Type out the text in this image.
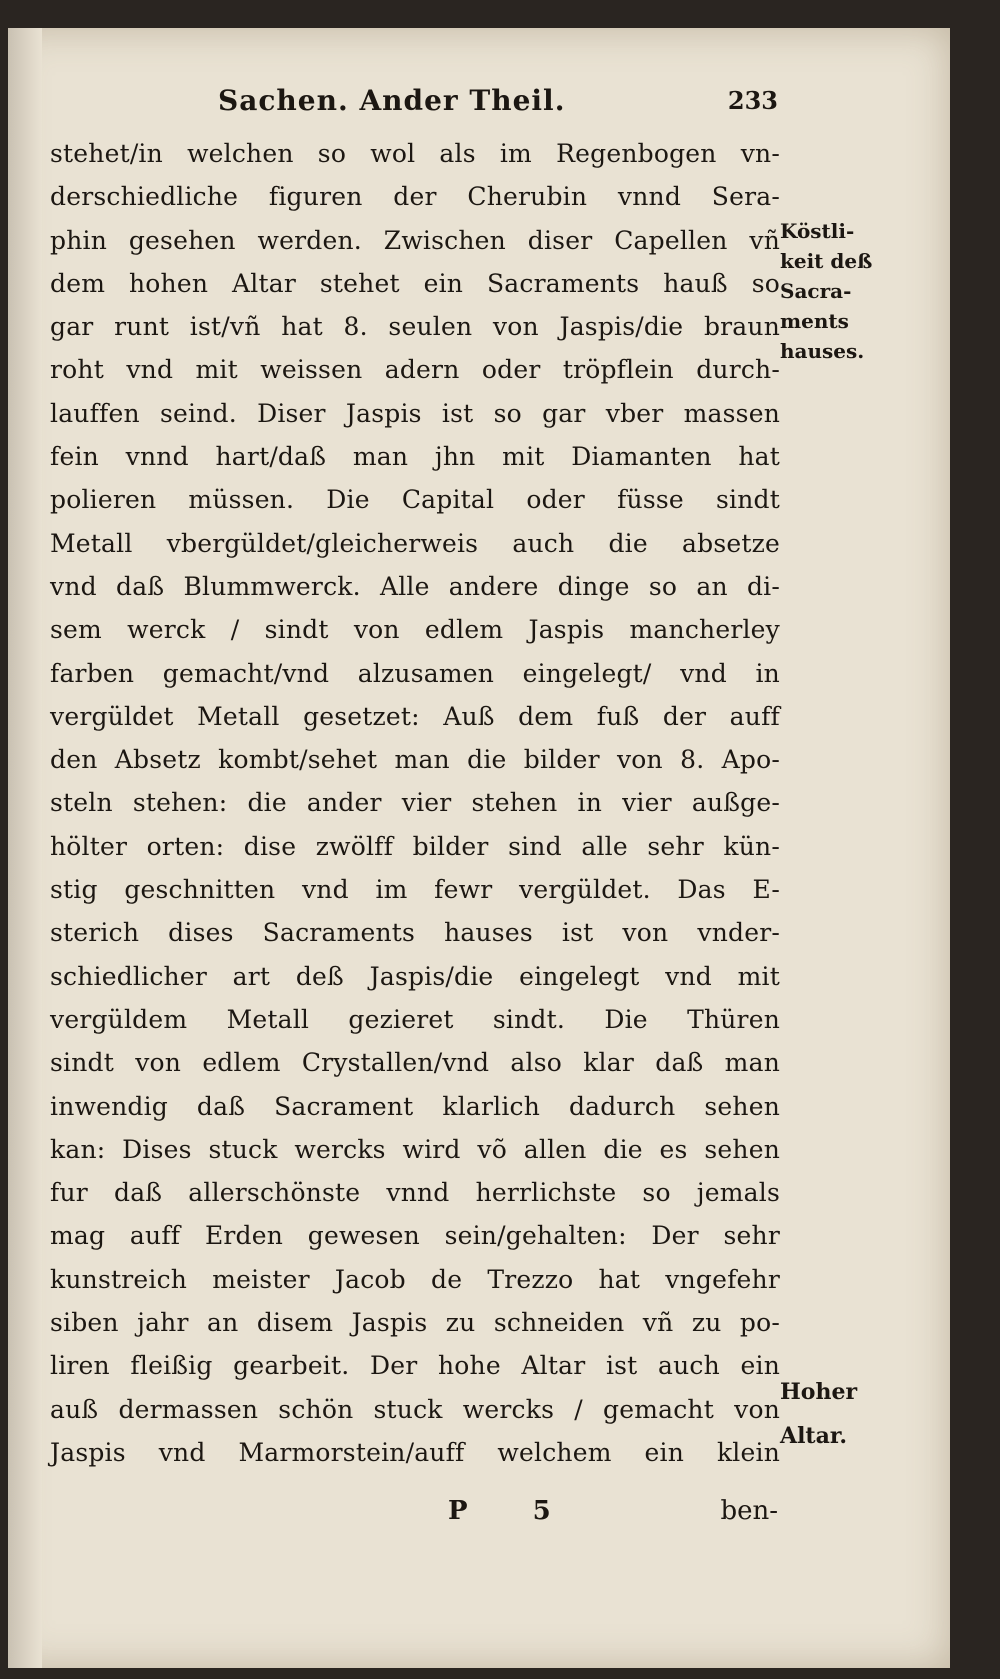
Sachen. Ander Theil.	233
stehet/in welchen so wol als im Regenbogen vn-
derschiedliche figuren der Cherubin vnnd Sera-
phin gesehen werden. Zwischen diser Capellen vñ
dem hohen Altar stehet ein Sacraments hauß so
gar runt ist/vñ hat 8. seulen von Jaspis/die braun
roht vnd mit weissen adern oder tröpflein durch-
lauffen seind. Diser Jaspis ist so gar vber massen
fein vnnd hart/daß man jhn mit Diamanten hat
polieren müssen. Die Capital oder füsse sindt
Metall vbergüldet/gleicherweis auch die absetze
vnd daß Blummwerck. Alle andere dinge so an di-
sem werck / sindt von edlem Jaspis mancherley
farben gemacht/vnd alzusamen eingelegt/ vnd in
vergüldet Metall gesetzet: Auß dem fuß der auff
den Absetz kombt/sehet man die bilder von 8. Apo-
steln stehen: die ander vier stehen in vier außge-
hölter orten: dise zwölff bilder sind alle sehr kün-
stig geschnitten vnd im fewr vergüldet. Das E-
sterich dises Sacraments hauses ist von vnder-
schiedlicher art deß Jaspis/die eingelegt vnd mit
vergüldem Metall gezieret sindt. Die Thüren
sindt von edlem Crystallen/vnd also klar daß man
inwendig daß Sacrament klarlich dadurch sehen
kan: Dises stuck wercks wird võ allen die es sehen
fur daß allerschönste vnnd herrlichste so jemals
mag auff Erden gewesen sein/gehalten: Der sehr
kunstreich meister Jacob de Trezzo hat vngefehr
siben jahr an disem Jaspis zu schneiden vñ zu po-
liren fleißig gearbeit. Der hohe Altar ist auch ein
auß dermassen schön stuck wercks / gemacht von
Jaspis vnd Marmorstein/auff welchem ein klein
Köstli-
keit deß
Sacra-
ments
hauses.
Hoher
Altar.
P 5	ben-
